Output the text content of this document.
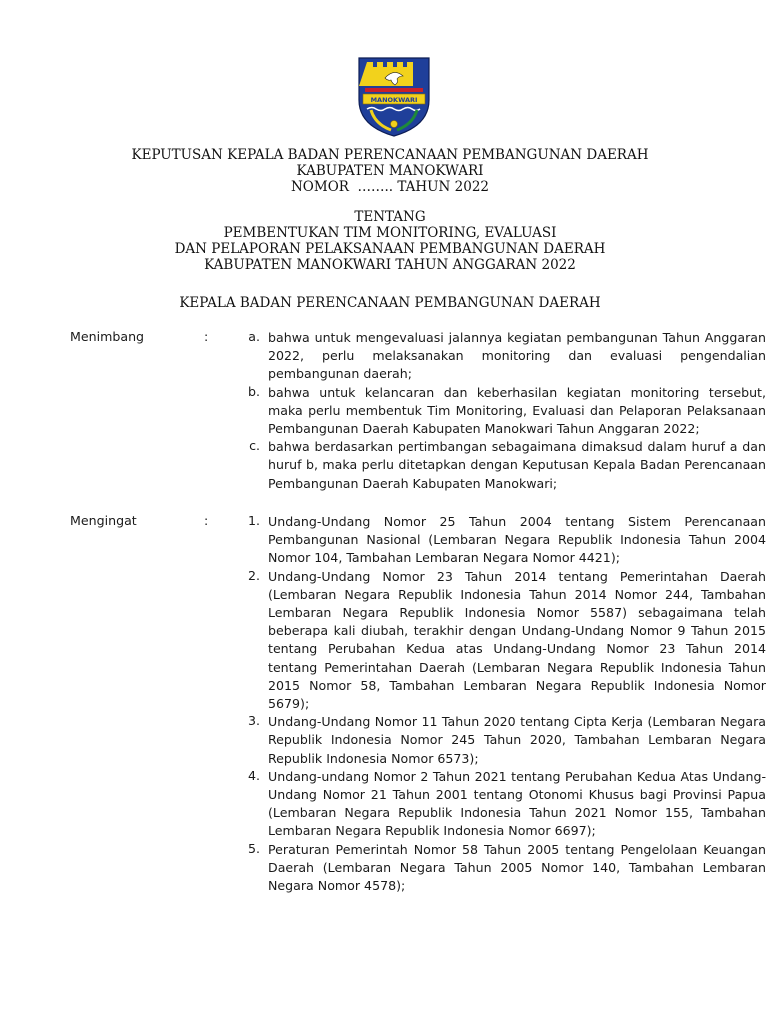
MANOKWARI
KEPUTUSAN KEPALA BADAN PERENCANAAN PEMBANGUNAN DAERAH
KABUPATEN MANOKWARI
NOMOR  …….. TAHUN 2022
TENTANG
PEMBENTUKAN TIM MONITORING, EVALUASI
DAN PELAPORAN PELAKSANAAN PEMBANGUNAN DAERAH
KABUPATEN MANOKWARI TAHUN ANGGARAN 2022
KEPALA BADAN PERENCANAAN PEMBANGUNAN DAERAH
Menimbang	:	a. bahwa untuk mengevaluasi jalannya kegiatan pembangunan Tahun Anggaran 2022, perlu melaksanakan monitoring dan evaluasi pengendalian pembangunan daerah;
b. bahwa untuk kelancaran dan keberhasilan kegiatan monitoring tersebut, maka perlu membentuk Tim Monitoring, Evaluasi dan Pelaporan Pelaksanaan Pembangunan Daerah Kabupaten Manokwari Tahun Anggaran 2022;
c. bahwa berdasarkan pertimbangan sebagaimana dimaksud dalam huruf a dan huruf b, maka perlu ditetapkan dengan Keputusan Kepala Badan Perencanaan Pembangunan Daerah Kabupaten Manokwari;
Mengingat	:	1. Undang-Undang Nomor 25 Tahun 2004 tentang Sistem Perencanaan Pembangunan Nasional (Lembaran Negara Republik Indonesia Tahun 2004 Nomor 104, Tambahan Lembaran Negara Nomor 4421);
2. Undang-Undang Nomor 23 Tahun 2014 tentang Pemerintahan Daerah (Lembaran Negara Republik Indonesia Tahun 2014 Nomor 244, Tambahan Lembaran Negara Republik Indonesia Nomor 5587) sebagaimana telah beberapa kali diubah, terakhir dengan Undang-Undang Nomor 9 Tahun 2015 tentang Perubahan Kedua atas Undang-Undang Nomor 23 Tahun 2014 tentang Pemerintahan Daerah (Lembaran Negara Republik Indonesia Tahun 2015 Nomor 58, Tambahan Lembaran Negara Republik Indonesia Nomor 5679);
3. Undang-Undang Nomor 11 Tahun 2020 tentang Cipta Kerja (Lembaran Negara Republik Indonesia Nomor 245 Tahun 2020, Tambahan Lembaran Negara Republik Indonesia Nomor 6573);
4. Undang-undang Nomor 2 Tahun 2021 tentang Perubahan Kedua Atas Undang-Undang Nomor 21 Tahun 2001 tentang Otonomi Khusus bagi Provinsi Papua (Lembaran Negara Republik Indonesia Tahun 2021 Nomor 155, Tambahan Lembaran Negara Republik Indonesia Nomor 6697);
5. Peraturan Pemerintah Nomor 58 Tahun 2005 tentang Pengelolaan Keuangan Daerah (Lembaran Negara Tahun 2005 Nomor 140, Tambahan Lembaran Negara Nomor 4578);
